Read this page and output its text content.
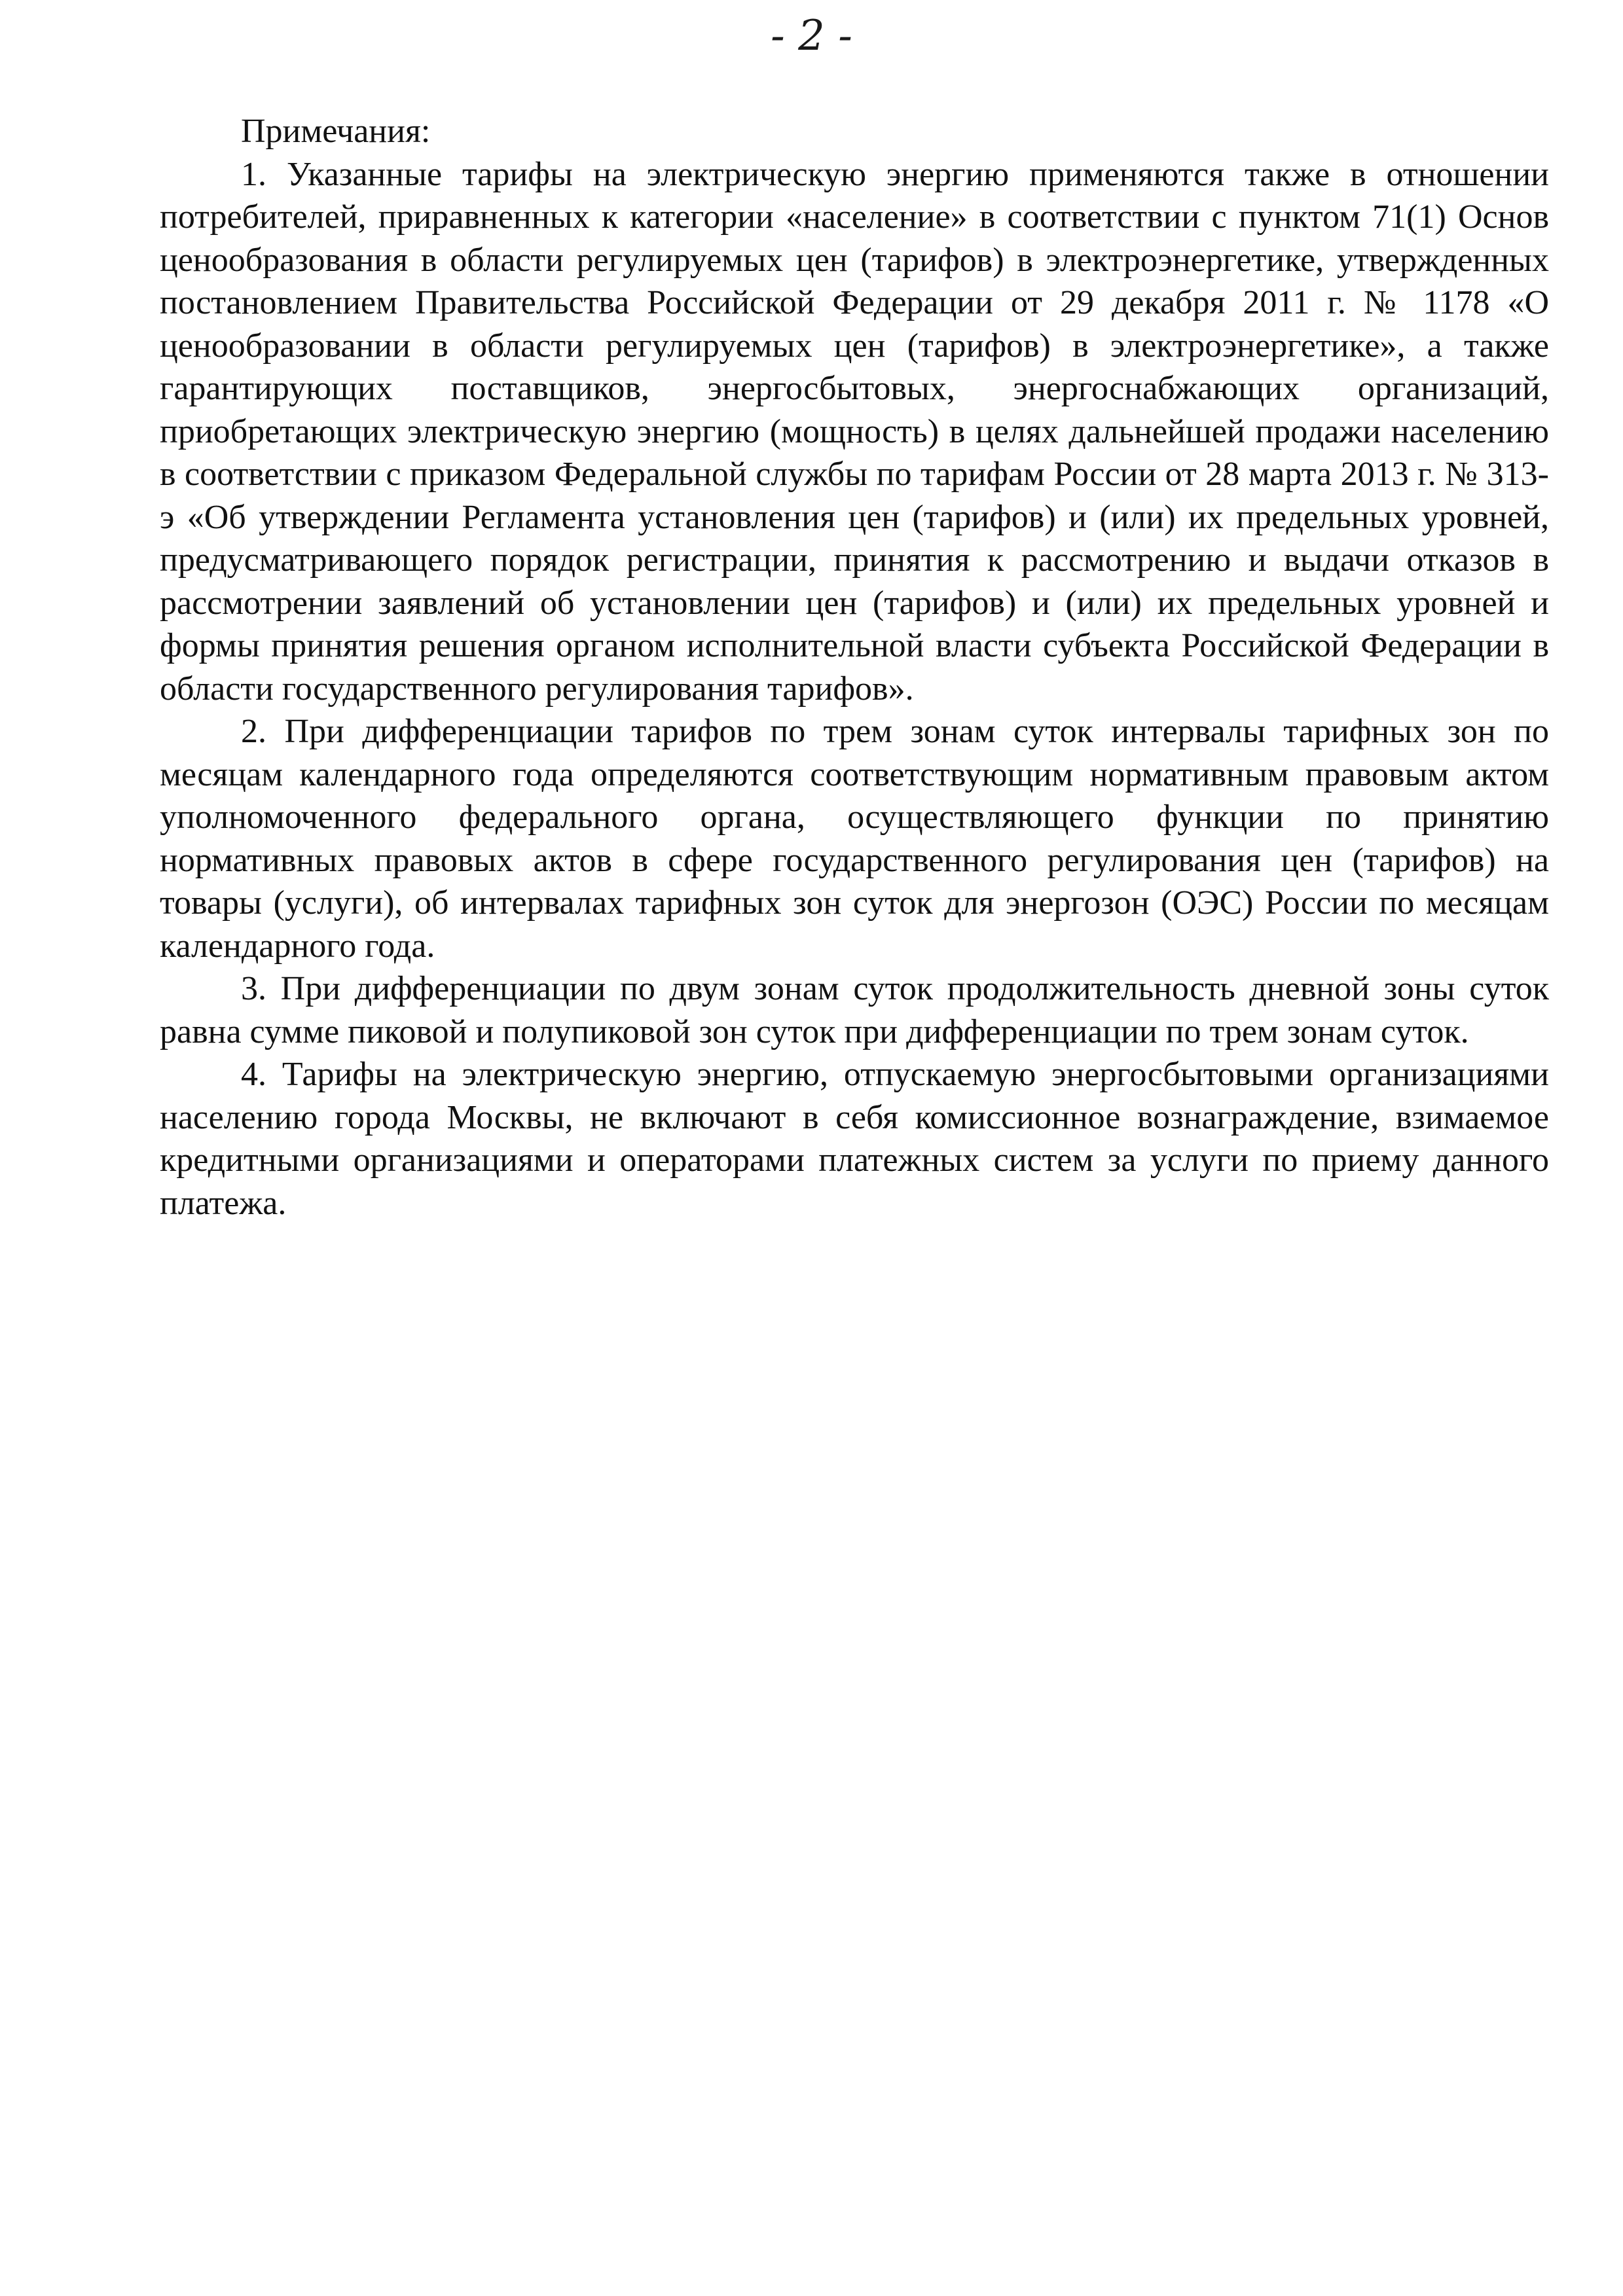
- 2 -

Примечания:

1. Указанные тарифы на электрическую энергию применяются также в отношении потребителей, приравненных к категории «население» в соответствии с пунктом 71(1) Основ ценообразования в области регулируемых цен (тарифов) в электроэнергетике, утвержденных постановлением Правительства Российской Федерации от 29 декабря 2011 г. № 1178 «О ценообразовании в области регулируемых цен (тарифов) в электроэнергетике», а также гарантирующих поставщиков, энергосбытовых, энергоснабжающих организаций, приобретающих электрическую энергию (мощность) в целях дальнейшей продажи населению в соответствии с приказом Федеральной службы по тарифам России от 28 марта 2013 г. № 313-э «Об утверждении Регламента установления цен (тарифов) и (или) их предельных уровней, предусматривающего порядок регистрации, принятия к рассмотрению и выдачи отказов в рассмотрении заявлений об установлении цен (тарифов) и (или) их предельных уровней и формы принятия решения органом исполнительной власти субъекта Российской Федерации в области государственного регулирования тарифов».

2. При дифференциации тарифов по трем зонам суток интервалы тарифных зон по месяцам календарного года определяются соответствующим нормативным правовым актом уполномоченного федерального органа, осуществляющего функции по принятию нормативных правовых актов в сфере государственного регулирования цен (тарифов) на товары (услуги), об интервалах тарифных зон суток для энергозон (ОЭС) России по месяцам календарного года.

3. При дифференциации по двум зонам суток продолжительность дневной зоны суток равна сумме пиковой и полупиковой зон суток при дифференциации по трем зонам суток.

4. Тарифы на электрическую энергию, отпускаемую энергосбытовыми организациями населению города Москвы, не включают в себя комиссионное вознаграждение, взимаемое кредитными организациями и операторами платежных систем за услуги по приему данного платежа.
